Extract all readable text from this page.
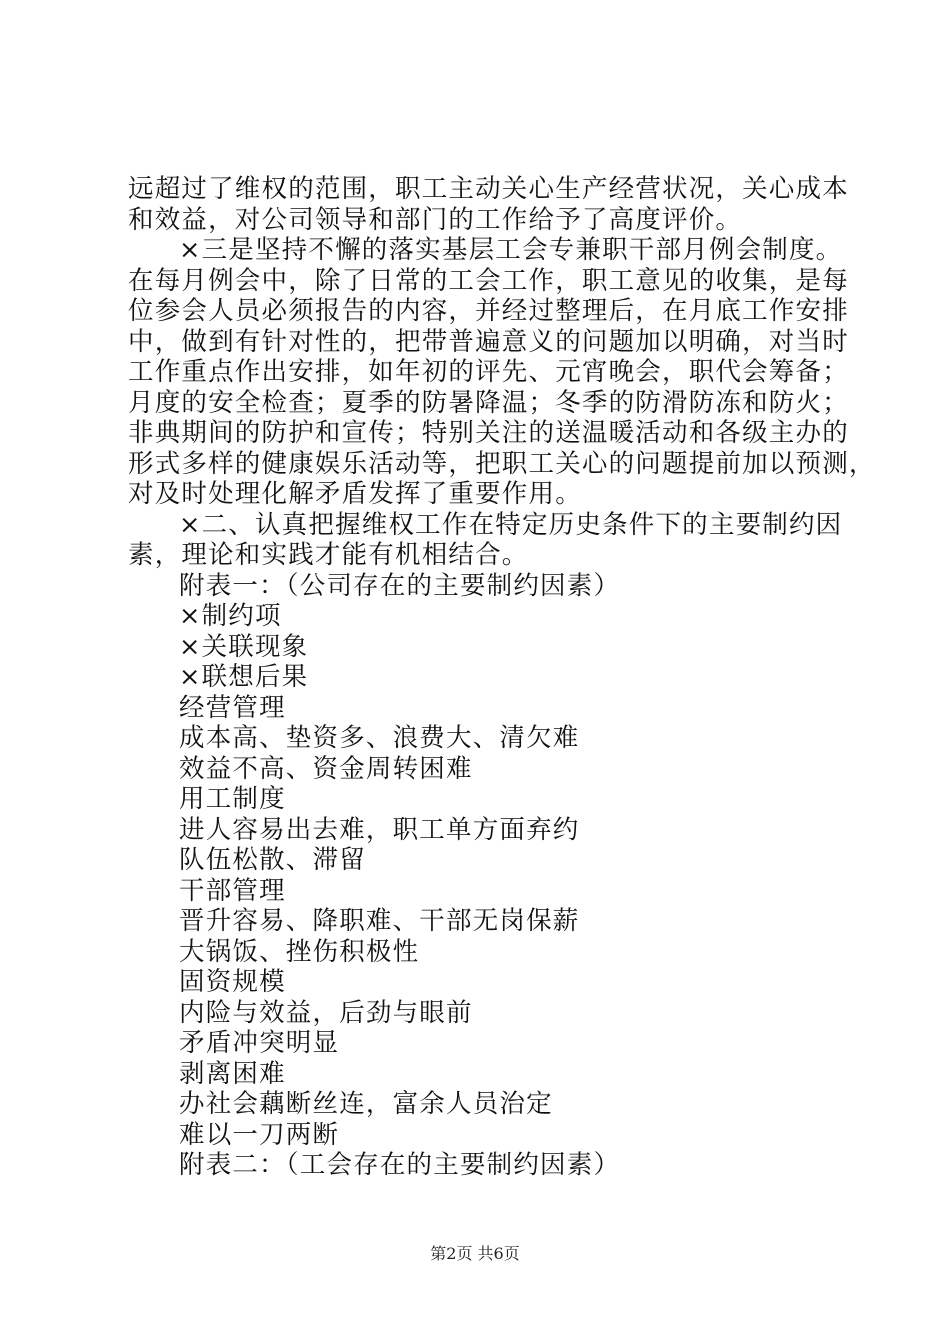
远超过了维权的范围，职工主动关心生产经营状况，关心成本
和效益，对公司领导和部门的工作给予了高度评价。
×三是坚持不懈的落实基层工会专兼职干部月例会制度。
在每月例会中，除了日常的工会工作，职工意见的收集，是每
位参会人员必须报告的内容，并经过整理后，在月底工作安排
中，做到有针对性的，把带普遍意义的问题加以明确，对当时
工作重点作出安排，如年初的评先、元宵晚会，职代会筹备；
月度的安全检查；夏季的防暑降温；冬季的防滑防冻和防火；
非典期间的防护和宣传；特别关注的送温暖活动和各级主办的
形式多样的健康娱乐活动等，把职工关心的问题提前加以预测，
对及时处理化解矛盾发挥了重要作用。
×二、认真把握维权工作在特定历史条件下的主要制约因
素，理论和实践才能有机相结合。
附表一：（公司存在的主要制约因素）
×制约项
×关联现象
×联想后果
经营管理
成本高、垫资多、浪费大、清欠难
效益不高、资金周转困难
用工制度
进人容易出去难，职工单方面弃约
队伍松散、滞留
干部管理
晋升容易、降职难、干部无岗保薪
大锅饭、挫伤积极性
固资规模
内险与效益，后劲与眼前
矛盾冲突明显
剥离困难
办社会藕断丝连，富余人员治定
难以一刀两断
附表二：（工会存在的主要制约因素）
第2页 共6页
